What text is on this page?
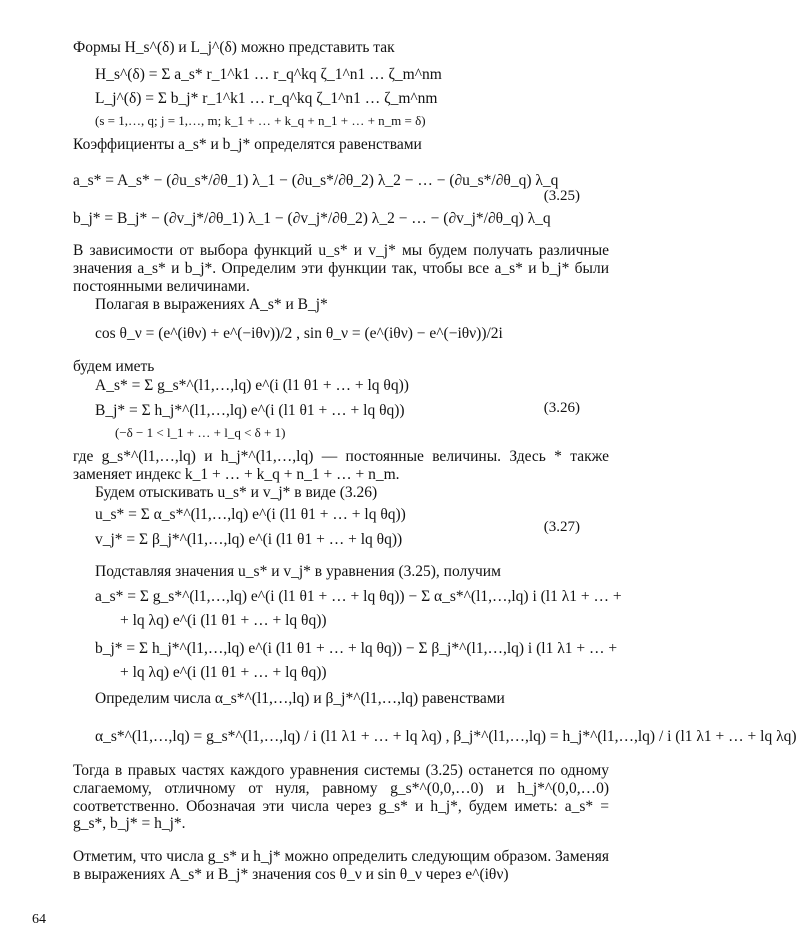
Формы H_s^(δ) и L_j^(δ) можно представить так
H_s^(δ) = Σ a_s* r_1^k1 … r_q^kq ζ_1^n1 … ζ_m^nm
L_j^(δ) = Σ b_j* r_1^k1 … r_q^kq ζ_1^n1 … ζ_m^nm
(s = 1,…, q; j = 1,…, m; k_1 + … + k_q + n_1 + … + n_m = δ)
Коэффициенты a_s* и b_j* определятся равенствами
a_s* = A_s* − (∂u_s*/∂θ_1) λ_1 − (∂u_s*/∂θ_2) λ_2 − … − (∂u_s*/∂θ_q) λ_q
b_j* = B_j* − (∂v_j*/∂θ_1) λ_1 − (∂v_j*/∂θ_2) λ_2 − … − (∂v_j*/∂θ_q) λ_q
(3.25)
В зависимости от выбора функций u_s* и v_j* мы будем получать различные значения a_s* и b_j*. Определим эти функции так, чтобы все a_s* и b_j* были постоянными величинами.
Полагая в выражениях A_s* и B_j*
cos θ_ν = (e^(iθν) + e^(−iθν))/2 , sin θ_ν = (e^(iθν) − e^(−iθν))/2i
будем иметь
A_s* = Σ g_s*^(l1,…,lq) e^(i (l1 θ1 + … + lq θq))
B_j* = Σ h_j*^(l1,…,lq) e^(i (l1 θ1 + … + lq θq))
(−δ − 1 < l_1 + … + l_q < δ + 1)
(3.26)
где g_s*^(l1,…,lq) и h_j*^(l1,…,lq) — постоянные величины. Здесь * также заменяет индекс k_1 + … + k_q + n_1 + … + n_m.
Будем отыскивать u_s* и v_j* в виде (3.26)
u_s* = Σ α_s*^(l1,…,lq) e^(i (l1 θ1 + … + lq θq))
v_j* = Σ β_j*^(l1,…,lq) e^(i (l1 θ1 + … + lq θq))
(3.27)
Подставляя значения u_s* и v_j* в уравнения (3.25), получим
a_s* = Σ g_s*^(l1,…,lq) e^(i (l1 θ1 + … + lq θq)) − Σ α_s*^(l1,…,lq) i (l1 λ1 + … +
+ lq λq) e^(i (l1 θ1 + … + lq θq))
b_j* = Σ h_j*^(l1,…,lq) e^(i (l1 θ1 + … + lq θq)) − Σ β_j*^(l1,…,lq) i (l1 λ1 + … +
+ lq λq) e^(i (l1 θ1 + … + lq θq))
Определим числа α_s*^(l1,…,lq) и β_j*^(l1,…,lq) равенствами
α_s*^(l1,…,lq) = g_s*^(l1,…,lq) / i (l1 λ1 + … + lq λq) , β_j*^(l1,…,lq) = h_j*^(l1,…,lq) / i (l1 λ1 + … + lq λq)
Тогда в правых частях каждого уравнения системы (3.25) останется по одному слагаемому, отличному от нуля, равному g_s*^(0,0,…0) и h_j*^(0,0,…0) соответственно. Обозначая эти числа через g_s* и h_j*, будем иметь: a_s* = g_s*, b_j* = h_j*.
Отметим, что числа g_s* и h_j* можно определить следующим образом. Заменяя в выражениях A_s* и B_j* значения cos θ_ν и sin θ_ν через e^(iθν)
64
